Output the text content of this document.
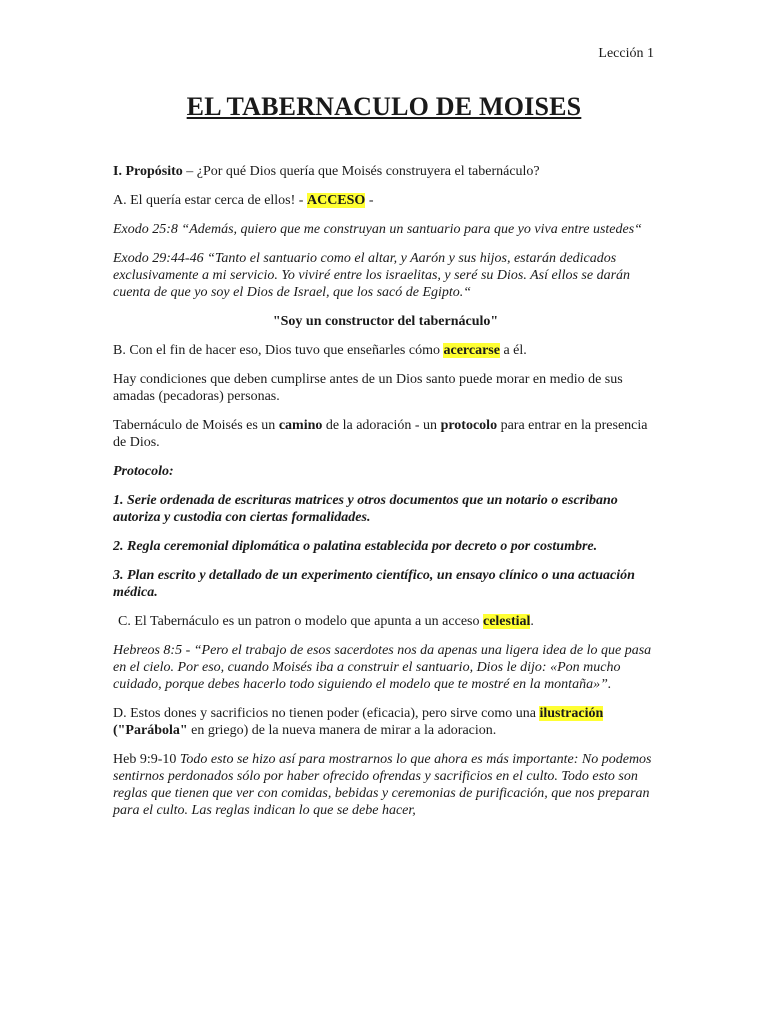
Lección 1
EL TABERNACULO DE MOISES

I. Propósito – ¿Por qué Dios quería que Moisés construyera el tabernáculo?

A. El quería estar cerca de ellos! - ACCESO -

Exodo 25:8 “Además, quiero que me construyan un santuario para que yo viva entre ustedes“

Exodo 29:44-46 “Tanto el santuario como el altar, y Aarón y sus hijos, estarán dedicados exclusivamente a mi servicio. Yo viviré entre los israelitas, y seré su Dios. Así ellos se darán cuenta de que yo soy el Dios de Israel, que los sacó de Egipto.“

"Soy un constructor del tabernáculo"

B. Con el fin de hacer eso, Dios tuvo que enseñarles cómo acercarse a él.

Hay condiciones que deben cumplirse antes de un Dios santo puede morar en medio de sus amadas (pecadoras) personas.

Tabernáculo de Moisés es un camino de la adoración - un protocolo para entrar en la presencia de Dios.

Protocolo:

1. Serie ordenada de escrituras matrices y otros documentos que un notario o escribano autoriza y custodia con ciertas formalidades.

2. Regla ceremonial diplomática o palatina establecida por decreto o por costumbre.

3. Plan escrito y detallado de un experimento científico, un ensayo clínico o una actuación médica.

C. El Tabernáculo es un patron o modelo que apunta a un acceso celestial.

Hebreos 8:5 - “Pero el trabajo de esos sacerdotes nos da apenas una ligera idea de lo que pasa en el cielo. Por eso, cuando Moisés iba a construir el santuario, Dios le dijo: «Pon mucho cuidado, porque debes hacerlo todo siguiendo el modelo que te mostré en la montaña»”.

D. Estos dones y sacrificios no tienen poder (eficacia), pero sirve como una ilustración ("Parábola" en griego) de la nueva manera de mirar a la adoracion.

Heb 9:9-10 Todo esto se hizo así para mostrarnos lo que ahora es más importante: No podemos sentirnos perdonados sólo por haber ofrecido ofrendas y sacrificios en el culto. Todo esto son reglas que tienen que ver con comidas, bebidas y ceremonias de purificación, que nos preparan para el culto. Las reglas indican lo que se debe hacer,
